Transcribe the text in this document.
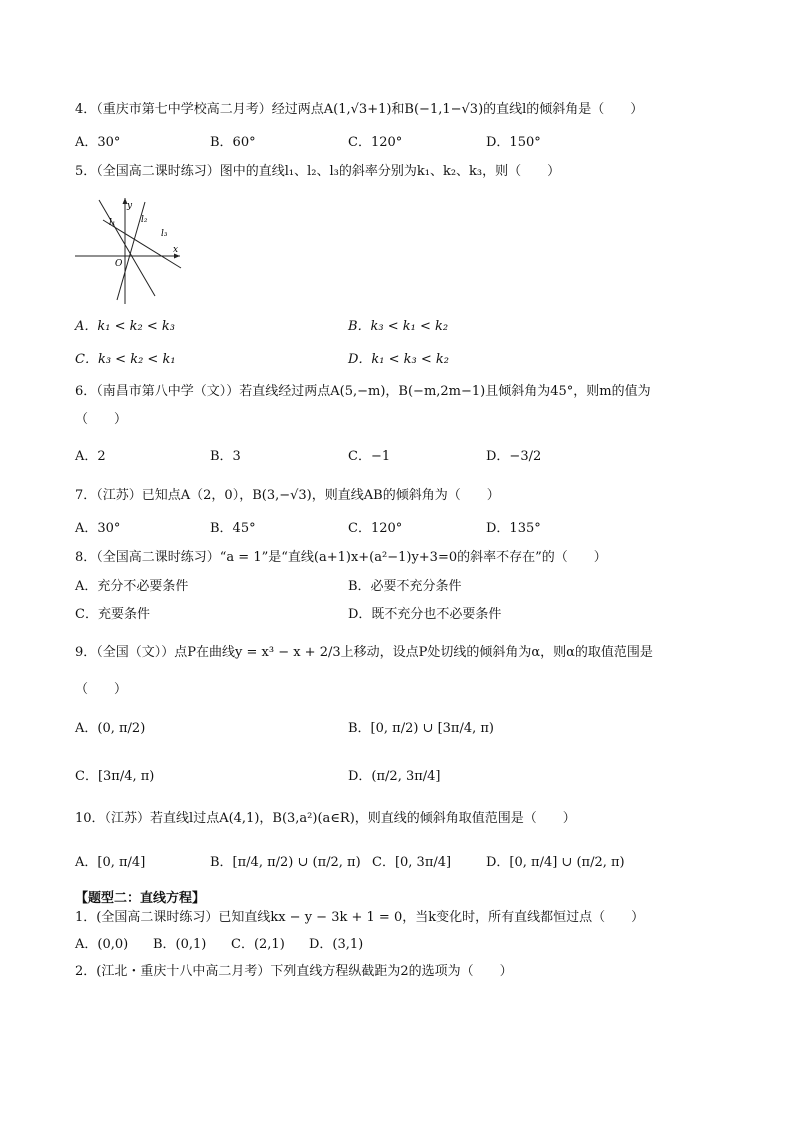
4．（重庆市第七中学校高二月考）经过两点A(1,√3+1)和B(−1,1−√3)的直线l的倾斜角是（　　）
A．30°	B．60°	C．120°	D．150°
5．（全国高二课时练习）图中的直线l₁、l₂、l₃的斜率分别为k₁、k₂、k₃，则（　　）
y
x
O
l₁	l₂
l₃
A．k₁ < k₂ < k₃	B．k₃ < k₁ < k₂
C．k₃ < k₂ < k₁	D．k₁ < k₃ < k₂
6．（南昌市第八中学（文））若直线经过两点A(5,−m)，B(−m,2m−1)且倾斜角为45°，则m的值为
（　　）
A．2	B．3	C．−1	D．−3/2
7．（江苏）已知点A（2，0），B(3,−√3)，则直线AB的倾斜角为（　　）
A．30°	B．45°	C．120°	D．135°
8．（全国高二课时练习）“a = 1”是“直线(a+1)x+(a²−1)y+3=0的斜率不存在”的（　　）
A．充分不必要条件	B．必要不充分条件
C．充要条件	D．既不充分也不必要条件
9．（全国（文））点P在曲线y = x³ − x + 2/3上移动，设点P处切线的倾斜角为α，则α的取值范围是
（　　）
A．(0, π/2)	B．[0, π/2) ∪ [3π/4, π)
C．[3π/4, π)	D．(π/2, 3π/4]
10．（江苏）若直线l过点A(4,1)，B(3,a²)(a∈R)，则直线的倾斜角取值范围是（　　）
A．[0, π/4]	B．[π/4, π/2) ∪ (π/2, π) C．[0, 3π/4]	D．[0, π/4] ∪ (π/2, π)
【题型二：直线方程】
1．(全国高二课时练习）已知直线kx − y − 3k + 1 = 0，当k变化时，所有直线都恒过点（　　）
A．(0,0) B．(0,1) C．(2,1) D．(3,1)
2．(江北・重庆十八中高二月考）下列直线方程纵截距为2的选项为（　　）
